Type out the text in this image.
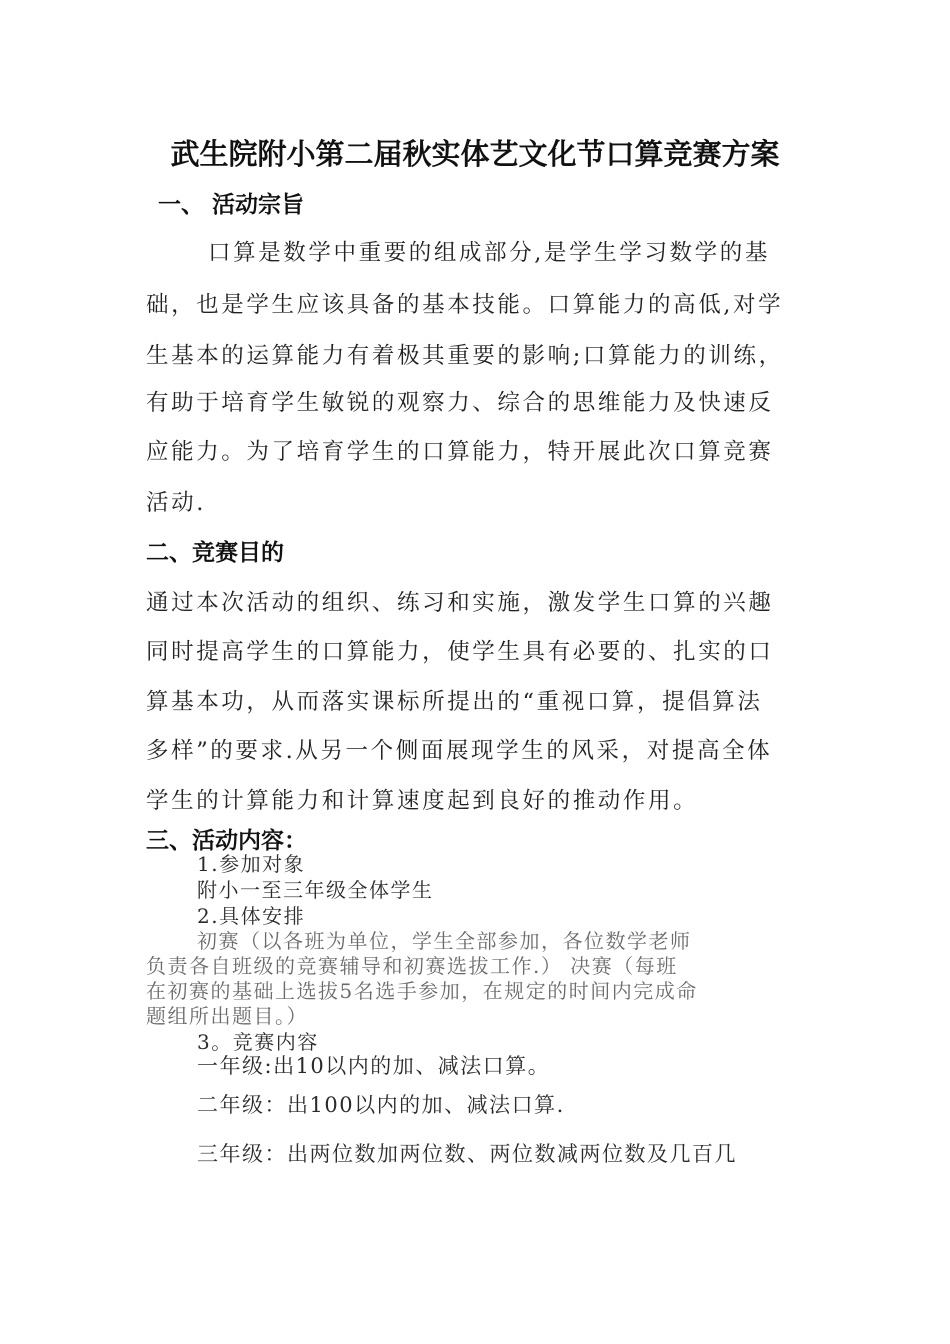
武生院附小第二届秋实体艺文化节口算竞赛方案
一、 活动宗旨
口算是数学中重要的组成部分,是学生学习数学的基
础，也是学生应该具备的基本技能。口算能力的高低,对学
生基本的运算能力有着极其重要的影响;口算能力的训练，
有助于培育学生敏锐的观察力、综合的思维能力及快速反
应能力。为了培育学生的口算能力，特开展此次口算竞赛
活动.
二、竞赛目的
通过本次活动的组织、练习和实施，激发学生口算的兴趣
同时提高学生的口算能力，使学生具有必要的、扎实的口
算基本功，从而落实课标所提出的“重视口算，提倡算法
多样”的要求.从另一个侧面展现学生的风采，对提高全体
学生的计算能力和计算速度起到良好的推动作用。
三、活动内容：
1.参加对象
附小一至三年级全体学生
2.具体安排
初赛（以各班为单位，学生全部参加，各位数学老师
负责各自班级的竞赛辅导和初赛选拔工作.） 决赛（每班
在初赛的基础上选拔5名选手参加，在规定的时间内完成命
题组所出题目。）
3。竞赛内容
一年级:出10以内的加、减法口算。
二年级：出100以内的加、减法口算.
三年级：出两位数加两位数、两位数减两位数及几百几
